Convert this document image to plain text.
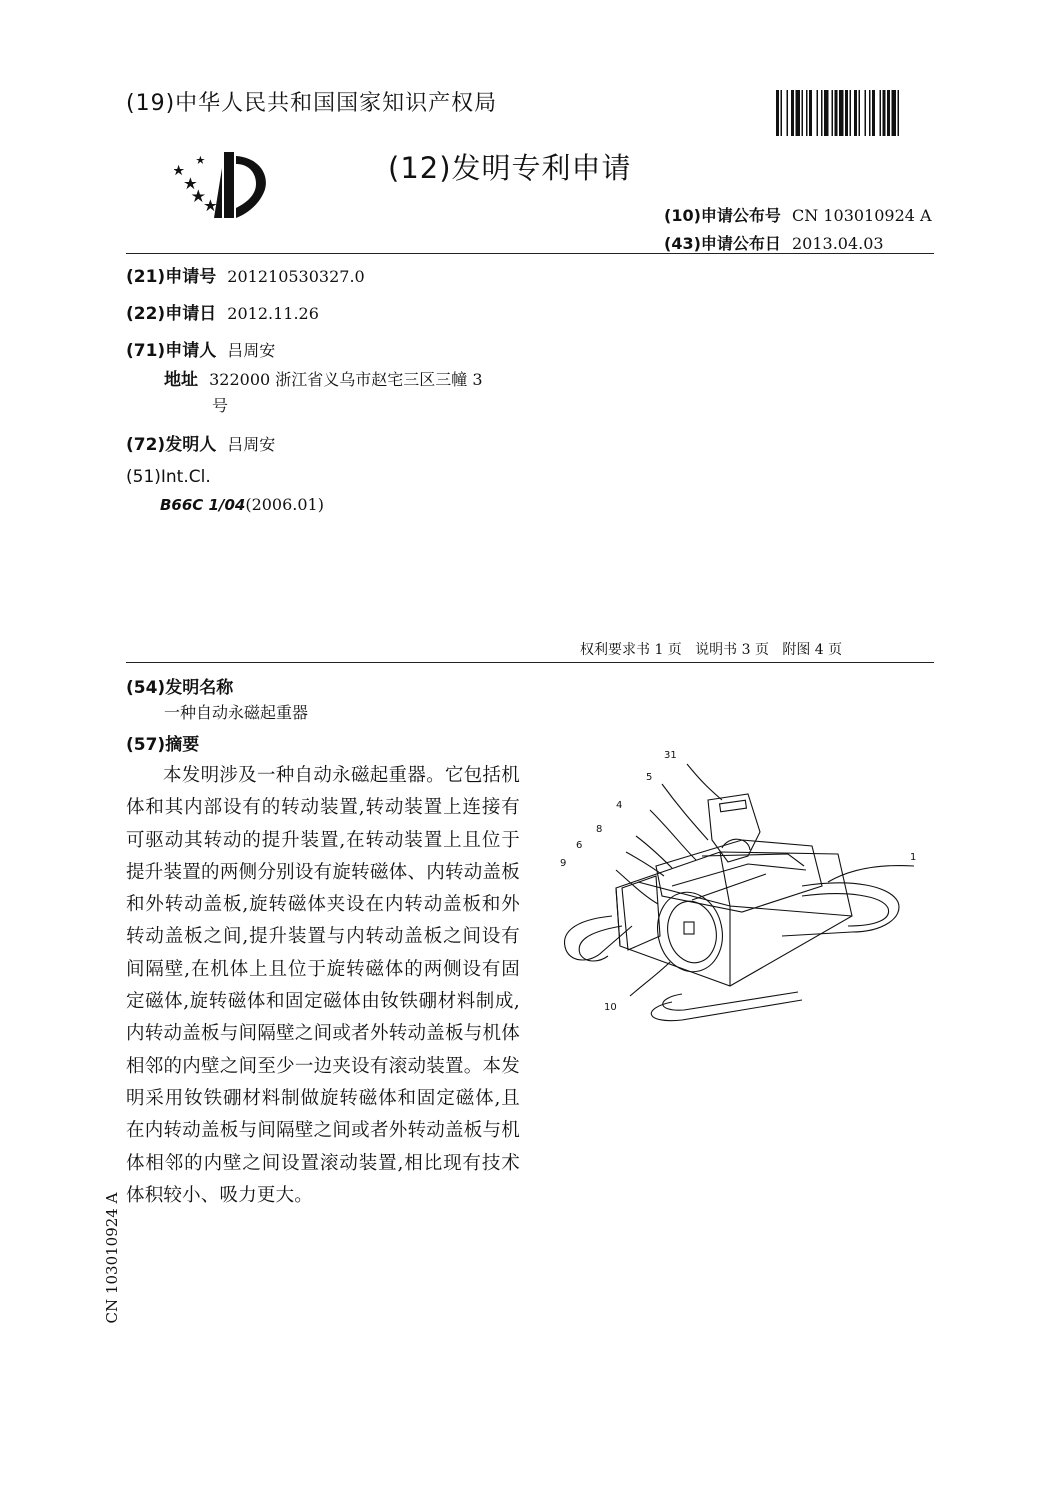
(19)中华人民共和国国家知识产权局
(12)发明专利申请
(10)申请公布号 CN 103010924 A
(43)申请公布日 2013.04.03
(21)申请号 201210530327.0
(22)申请日 2012.11.26
(71)申请人 吕周安
地址 322000 浙江省义乌市赵宅三区三幢 3
号
(72)发明人 吕周安
(51)Int.Cl.
B66C 1/04(2006.01)
权利要求书 1 页   说明书 3 页   附图 4 页
(54)发明名称
一种自动永磁起重器
(57)摘要

本发明涉及一种自动永磁起重器。它包括机体和其内部设有的转动装置,转动装置上连接有可驱动其转动的提升装置,在转动装置上且位于提升装置的两侧分别设有旋转磁体、内转动盖板和外转动盖板,旋转磁体夹设在内转动盖板和外转动盖板之间,提升装置与内转动盖板之间设有间隔壁,在机体上且位于旋转磁体的两侧设有固定磁体,旋转磁体和固定磁体由钕铁硼材料制成,内转动盖板与间隔壁之间或者外转动盖板与机体相邻的内壁之间至少一边夹设有滚动装置。本发明采用钕铁硼材料制做旋转磁体和固定磁体,且在内转动盖板与间隔壁之间或者外转动盖板与机体相邻的内壁之间设置滚动装置,相比现有技术体积较小、吸力更大。

31
5
4
8
6
9
1
10
CN 103010924 A
